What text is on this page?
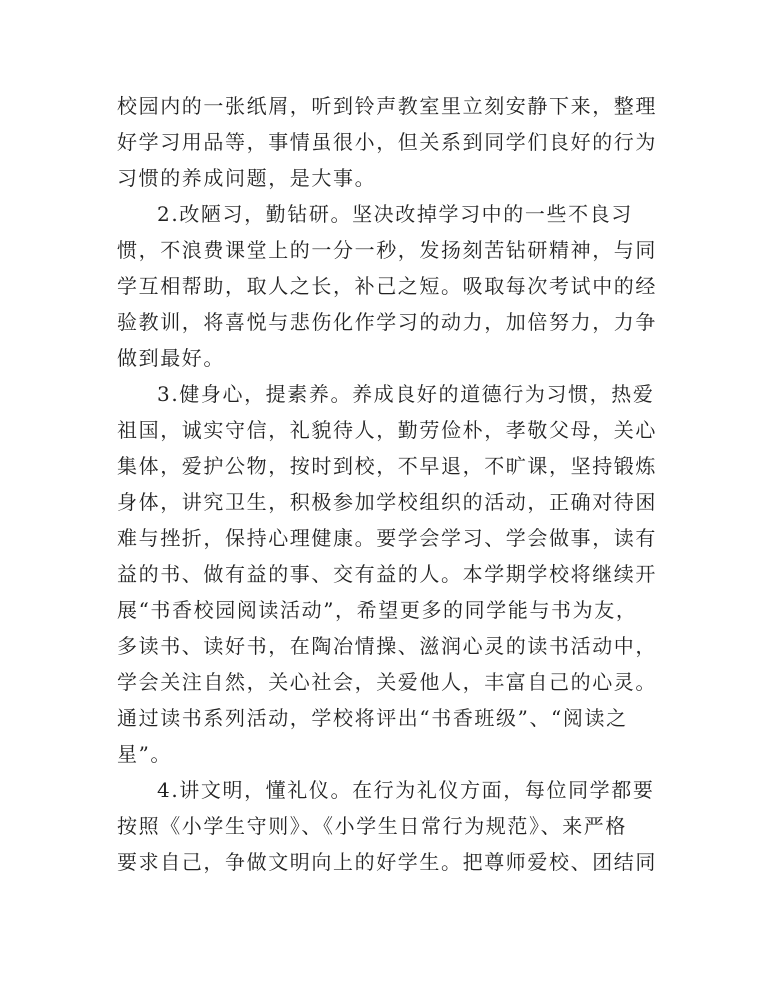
校园内的一张纸屑，听到铃声教室里立刻安静下来，整理
好学习用品等，事情虽很小，但关系到同学们良好的行为
习惯的养成问题，是大事。
2.改陋习，勤钻研。坚决改掉学习中的一些不良习
惯，不浪费课堂上的一分一秒，发扬刻苦钻研精神，与同
学互相帮助，取人之长，补己之短。吸取每次考试中的经
验教训，将喜悦与悲伤化作学习的动力，加倍努力，力争
做到最好。
3.健身心，提素养。养成良好的道德行为习惯，热爱
祖国，诚实守信，礼貌待人，勤劳俭朴，孝敬父母，关心
集体，爱护公物，按时到校，不早退，不旷课，坚持锻炼
身体，讲究卫生，积极参加学校组织的活动，正确对待困
难与挫折，保持心理健康。要学会学习、学会做事，读有
益的书、做有益的事、交有益的人。本学期学校将继续开
展“书香校园阅读活动”，希望更多的同学能与书为友，
多读书、读好书，在陶冶情操、滋润心灵的读书活动中，
学会关注自然，关心社会，关爱他人，丰富自己的心灵。
通过读书系列活动，学校将评出“书香班级”、“阅读之
星”。
4.讲文明，懂礼仪。在行为礼仪方面，每位同学都要
按照《小学生守则》、《小学生日常行为规范》、来严格
要求自己，争做文明向上的好学生。把尊师爱校、团结同
